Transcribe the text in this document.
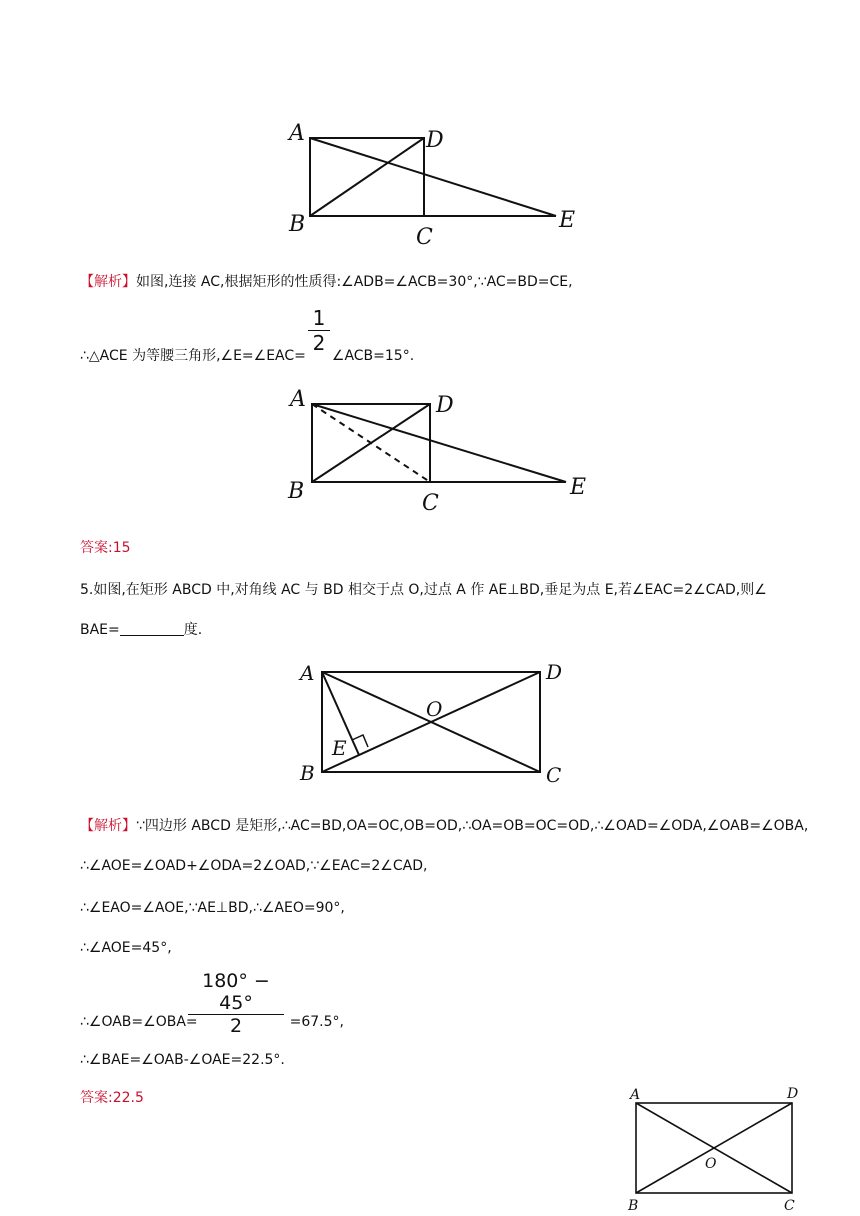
A	D
B
C
E
【解析】如图,连接 AC,根据矩形的性质得:∠ADB=∠ACB=30°,∵AC=BD=CE,
1
2
∴△ACE 为等腰三角形,∠E=∠EAC= ∠ACB=15°.
A	D
B	C
E
答案:15
5.如图,在矩形 ABCD 中,对角线 AC 与 BD 相交于点 O,过点 A 作 AE⊥BD,垂足为点 E,若∠EAC=2∠CAD,则∠
BAE=	度.
A	D
B	C
E
O
【解析】∵四边形 ABCD 是矩形,∴AC=BD,OA=OC,OB=OD,∴OA=OB=OC=OD,∴∠OAD=∠ODA,∠OAB=∠OBA,
∴∠AOE=∠OAD+∠ODA=2∠OAD,∵∠EAC=2∠CAD,
∴∠EAO=∠AOE,∵AE⊥BD,∴∠AEO=90°,
∴∠AOE=45°,
180° − 45°
2
∴∠OAB=∠OBA=	=67.5°,
∴∠BAE=∠OAB-∠OAE=22.5°.
答案:22.5	A	D
B	C
O
